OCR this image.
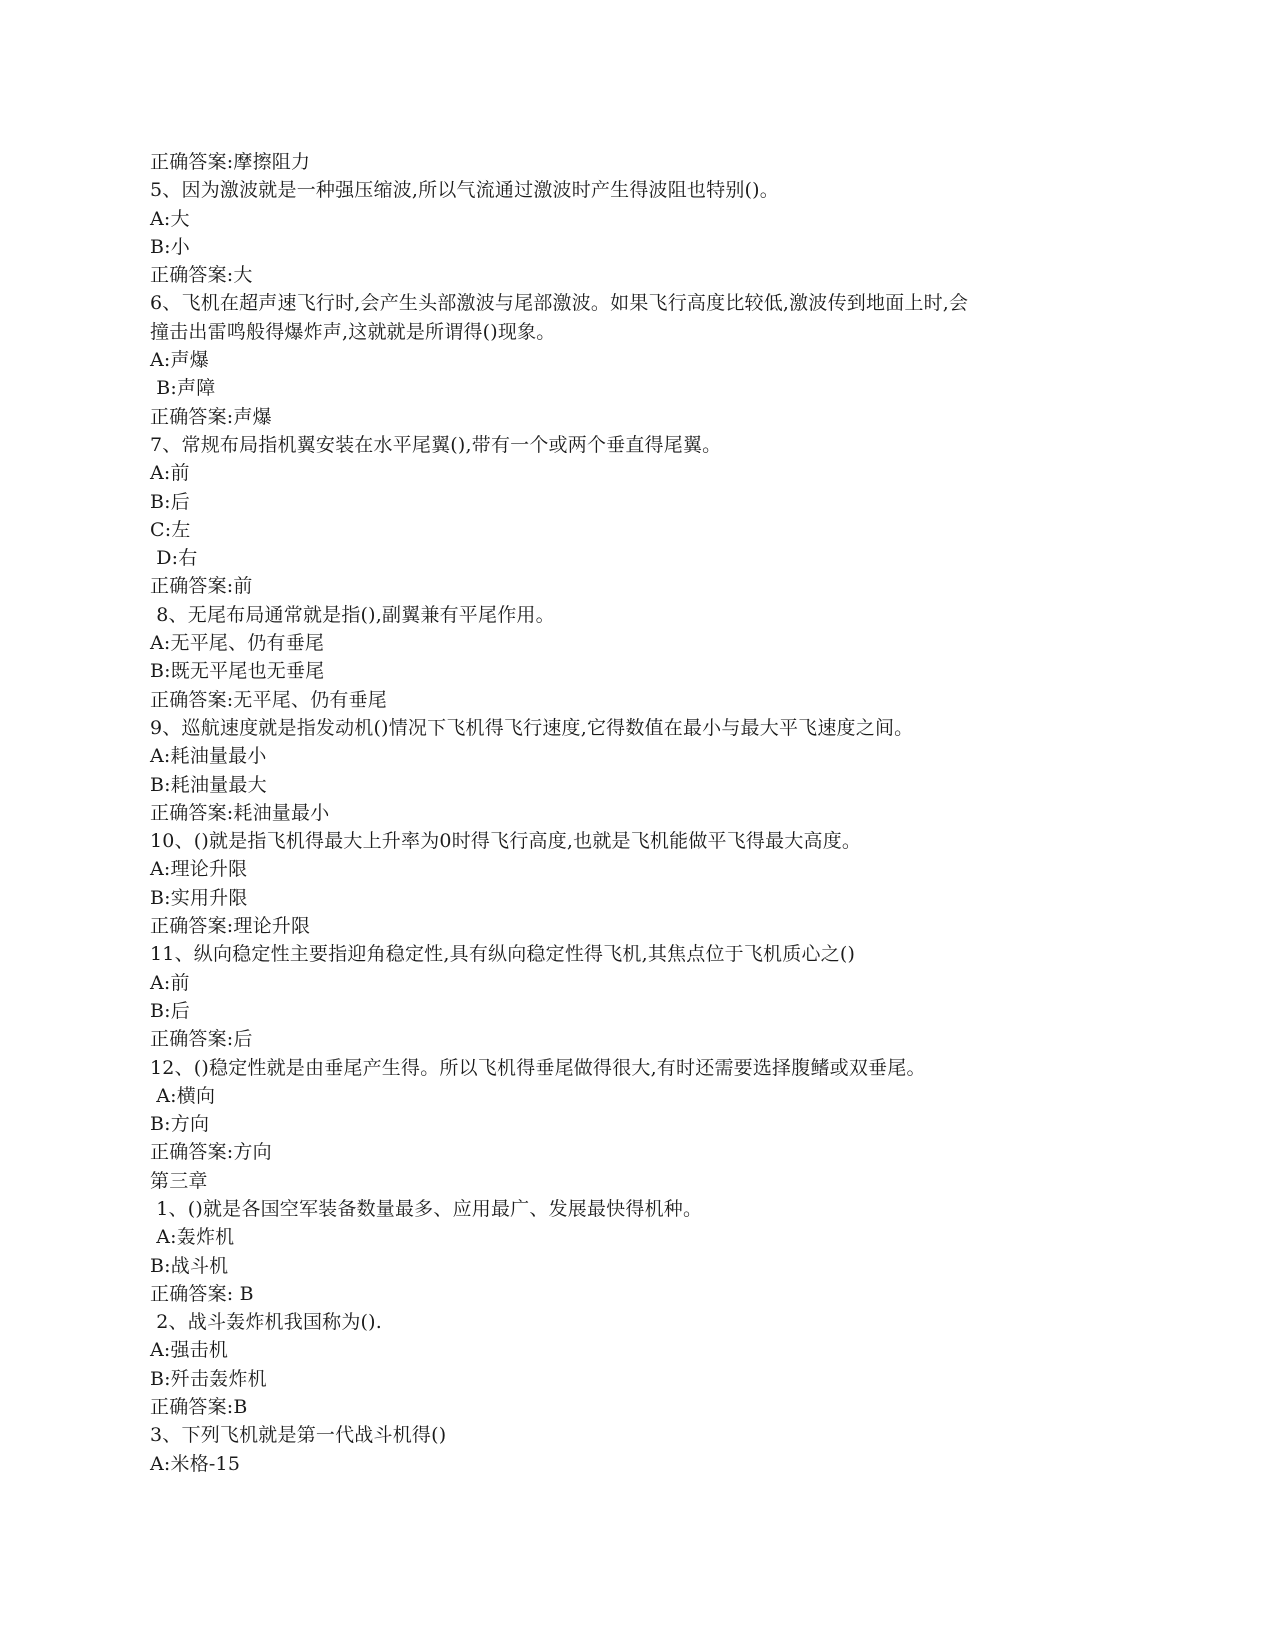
正确答案:摩擦阻力

5、因为激波就是一种强压缩波,所以气流通过激波时产生得波阻也特别()。

A:大

B:小

正确答案:大

6、飞机在超声速飞行时,会产生头部激波与尾部激波。如果飞行高度比较低,激波传到地面上时,会

撞击出雷鸣般得爆炸声,这就就是所谓得()现象。

A:声爆

B:声障

正确答案:声爆

7、常规布局指机翼安装在水平尾翼(),带有一个或两个垂直得尾翼。

A:前

B:后

C:左

D:右

正确答案:前

8、无尾布局通常就是指(),副翼兼有平尾作用。

A:无平尾、仍有垂尾

B:既无平尾也无垂尾

正确答案:无平尾、仍有垂尾

9、巡航速度就是指发动机()情况下飞机得飞行速度,它得数值在最小与最大平飞速度之间。

A:耗油量最小

B:耗油量最大

正确答案:耗油量最小

10、()就是指飞机得最大上升率为0时得飞行高度,也就是飞机能做平飞得最大高度。

A:理论升限

B:实用升限

正确答案:理论升限

11、纵向稳定性主要指迎角稳定性,具有纵向稳定性得飞机,其焦点位于飞机质心之()

A:前

B:后

正确答案:后

12、()稳定性就是由垂尾产生得。所以飞机得垂尾做得很大,有时还需要选择腹鳍或双垂尾。

A:横向

B:方向

正确答案:方向

第三章

1、()就是各国空军装备数量最多、应用最广、发展最快得机种。

A:轰炸机

B:战斗机

正确答案: B

2、战斗轰炸机我国称为().

A:强击机

B:歼击轰炸机

正确答案:B

3、下列飞机就是第一代战斗机得()

A:米格-15
